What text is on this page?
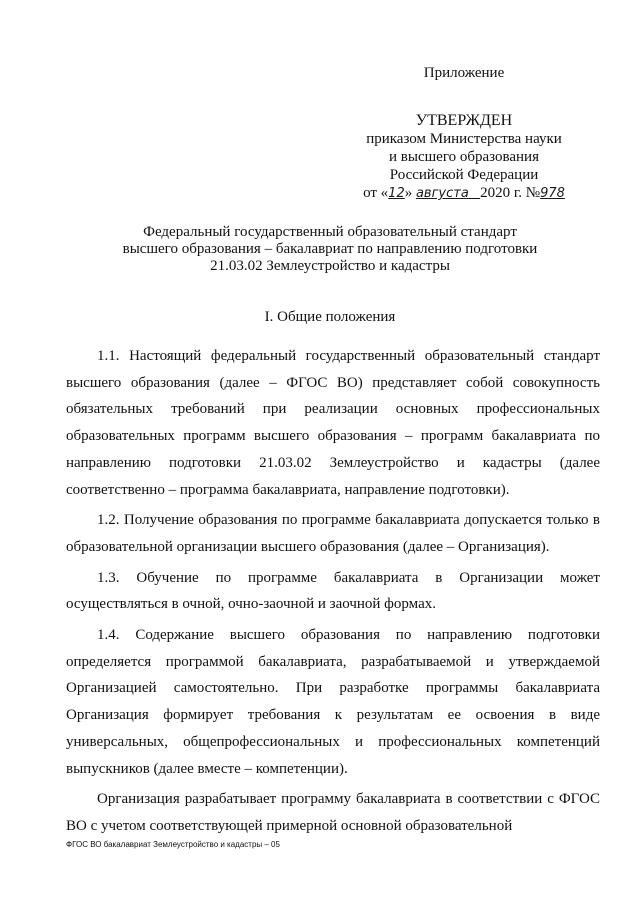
Приложение
УТВЕРЖДЕН
приказом Министерства науки
и высшего образования
Российской Федерации
от «12» августа 2020 г. №978
Федеральный государственный образовательный стандарт
высшего образования – бакалавриат по направлению подготовки
21.03.02 Землеустройство и кадастры
I. Общие положения

1.1. Настоящий федеральный государственный образовательный стандарт высшего образования (далее – ФГОС ВО) представляет собой совокупность обязательных требований при реализации основных профессиональных образовательных программ высшего образования – программ бакалавриата по направлению подготовки 21.03.02 Землеустройство и кадастры (далее соответственно – программа бакалавриата, направление подготовки).

1.2. Получение образования по программе бакалавриата допускается только в образовательной организации высшего образования (далее – Организация).

1.3. Обучение по программе бакалавриата в Организации может осуществляться в очной, очно-заочной и заочной формах.

1.4. Содержание высшего образования по направлению подготовки определяется программой бакалавриата, разрабатываемой и утверждаемой Организацией самостоятельно. При разработке программы бакалавриата Организация формирует требования к результатам ее освоения в виде универсальных, общепрофессиональных и профессиональных компетенций выпускников (далее вместе – компетенции).

Организация разрабатывает программу бакалавриата в соответствии с ФГОС ВО с учетом соответствующей примерной основной образовательной

ФГОС ВО бакалавриат Землеустройство и кадастры – 05
